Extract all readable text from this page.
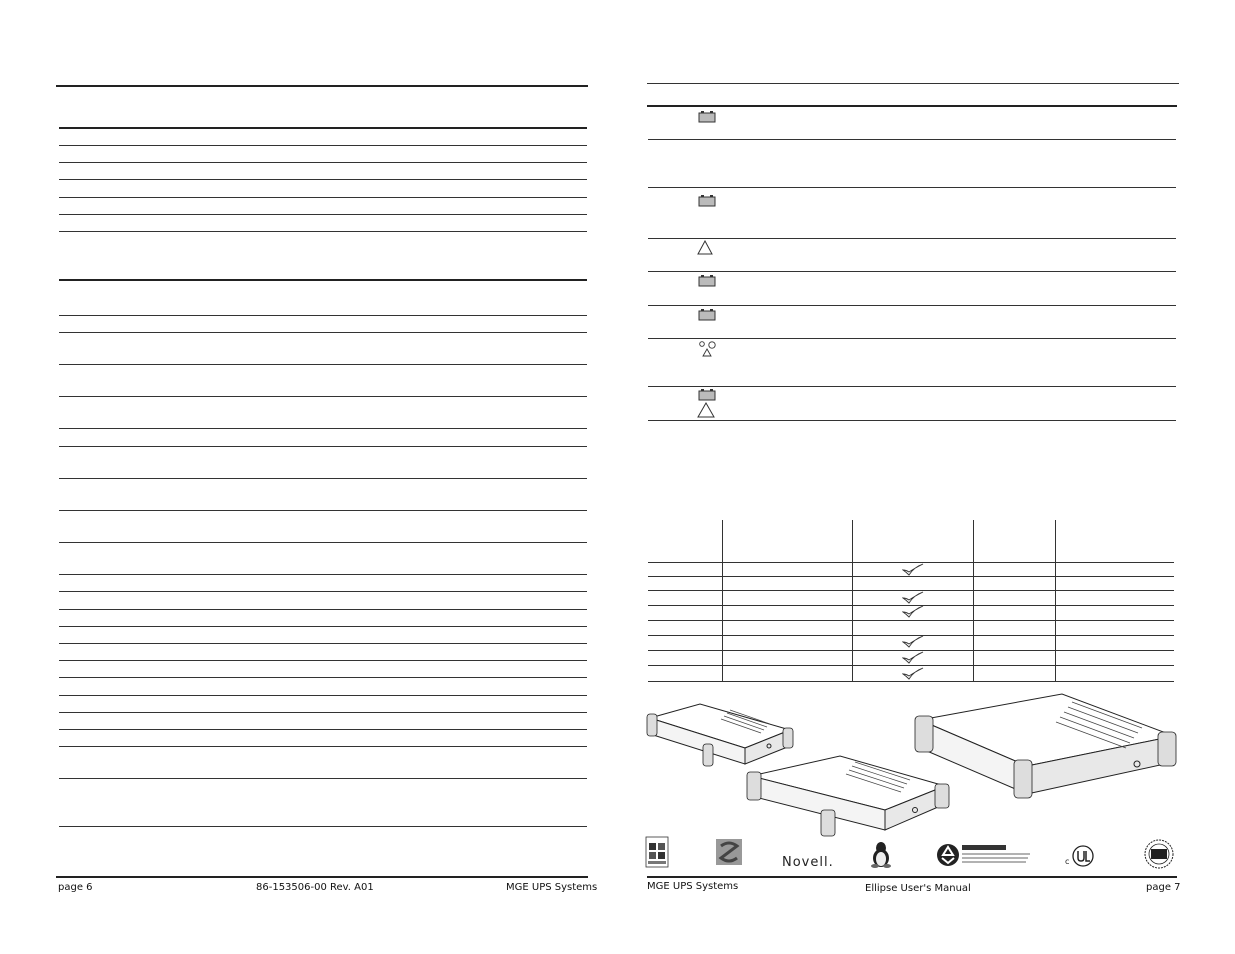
page 6	86-153506-00 Rev. A01	MGE UPS Systems
Novell.	c
MGE UPS Systems	Ellipse User's Manual	page 7
